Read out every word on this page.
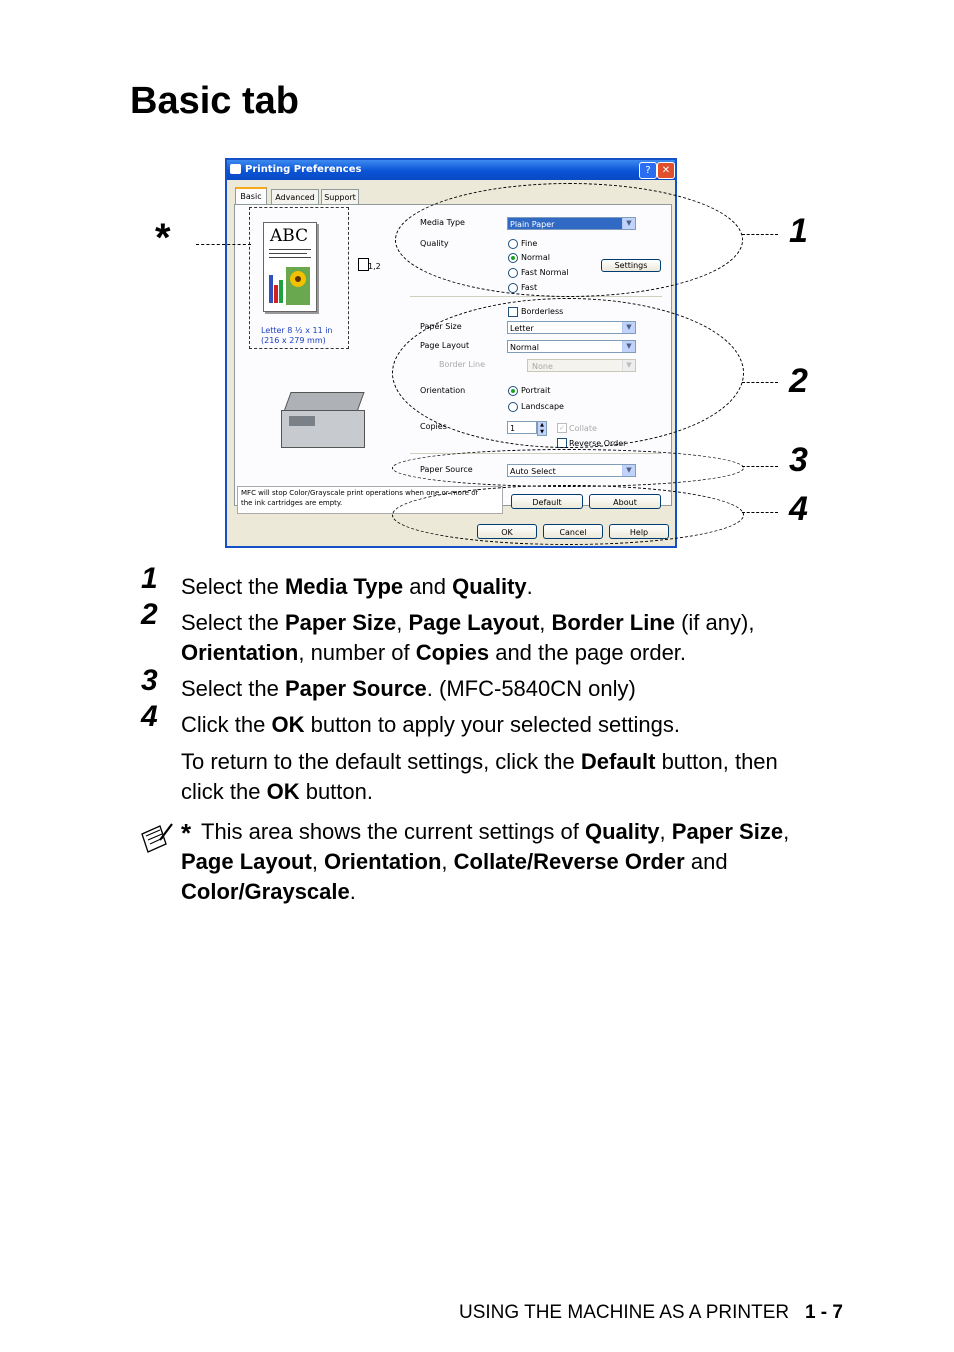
Basic tab
Printing Preferences	?	✕
Basic	Advanced	Support
ABC
1,2
Letter 8 ½ x 11 in
(216 x 279 mm)
Media Type	Plain Paper	▼
Quality	Fine
Normal
Fast Normal
Fast
Settings
Borderless
Paper Size	Letter	▼
Page Layout	Normal	▼
Border Line	None	▼
Orientation	Portrait
Landscape
Copies	1	▲
▼	✓ Collate
Reverse Order
Paper Source	Auto Select	▼
MFC will stop Color/Grayscale print operations when one or more of
the ink cartridges are empty.	Default	About
OK	Cancel	Help
*	1
2
3
4
1 Select the Media Type and Quality.
2 Select the Paper Size, Page Layout, Border Line (if any),
Orientation, number of Copies and the page order.
3 Select the Paper Source. (MFC-5840CN only)
4 Click the OK button to apply your selected settings.
To return to the default settings, click the Default button, then
click the OK button.
* This area shows the current settings of Quality, Paper Size,
Page Layout, Orientation, Collate/Reverse Order and
Color/Grayscale.
USING THE MACHINE AS A PRINTER 1 - 7
